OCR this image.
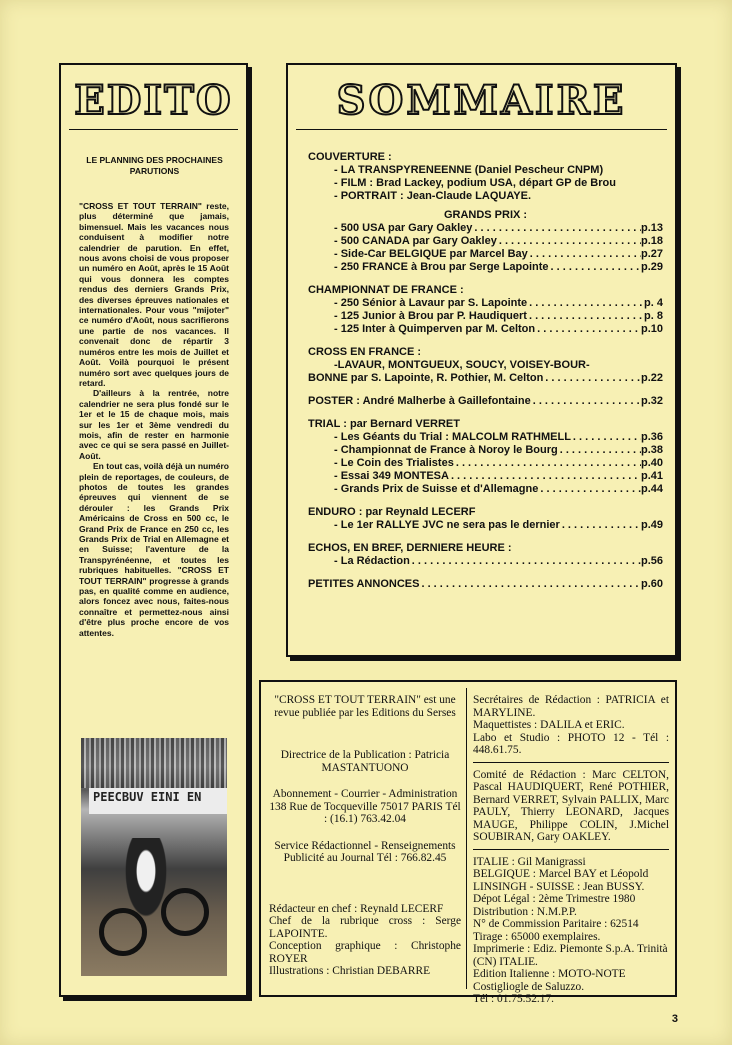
EDITO
LE PLANNING DES PROCHAINES PARUTIONS

"CROSS ET TOUT TERRAIN" reste, plus déterminé que jamais, bimensuel. Mais les vacances nous conduisent à modifier notre calendrier de parution. En effet, nous avons choisi de vous proposer un numéro en Août, après le 15 Août qui vous donnera les comptes rendus des derniers Grands Prix, des diverses épreuves nationales et internationales. Pour vous "mijoter" ce numéro d'Août, nous sacrifierons une partie de nos vacances. Il convenait donc de répartir 3 numéros entre les mois de Juillet et Août. Voilà pourquoi le présent numéro sort avec quelques jours de retard.

D'ailleurs à la rentrée, notre calendrier ne sera plus fondé sur le 1er et le 15 de chaque mois, mais sur les 1er et 3ème vendredi du mois, afin de rester en harmonie avec ce qui se sera passé en Juillet-Août.

En tout cas, voilà déjà un numéro plein de reportages, de couleurs, de photos de toutes les grandes épreuves qui viennent de se dérouler : les Grands Prix Américains de Cross en 500 cc, le Grand Prix de France en 250 cc, les Grands Prix de Trial en Allemagne et en Suisse; l'aventure de la Transpyrénéenne, et toutes les rubriques habituelles. "CROSS ET TOUT TERRAIN" progresse à grands pas, en qualité comme en audience, alors foncez avec nous, faites-nous connaître et permettez-nous ainsi d'être plus proche encore de vos attentes.

PEECBUV EINI EN
SOMMAIRE
COUVERTURE :
- LA TRANSPYRENEENNE (Daniel Pescheur CNPM)
- FILM : Brad Lackey, podium USA, départ GP de Brou
- PORTRAIT : Jean-Claude LAQUAYE.
GRANDS PRIX :
- 500 USA par Gary Oakley . . .	p.13
- 500 CANADA par Gary Oakley . . .	p.18
- Side-Car BELGIQUE par Marcel Bay . . .	p.27
- 250 FRANCE à Brou par Serge Lapointe . . .	p.29
CHAMPIONNAT DE FRANCE :
- 250 Sénior à Lavaur par S. Lapointe . . .	p. 4
- 125 Junior à Brou par P. Haudiquert . . .	p. 8
- 125 Inter à Quimperven par M. Celton . . .	p.10
CROSS EN FRANCE :
-LAVAUR, MONTGUEUX, SOUCY, VOISEY-BOUR-
BONNE par S. Lapointe, R. Pothier, M. Celton . . .	p.22
POSTER : André Malherbe à Gaillefontaine . . .	p.32
TRIAL : par Bernard VERRET
- Les Géants du Trial : MALCOLM RATHMELL . . .	p.36
- Championnat de France à Noroy le Bourg . . .	p.38
- Le Coin des Trialistes . . .	p.40
- Essai 349 MONTESA . . .	p.41
- Grands Prix de Suisse et d'Allemagne . . .	p.44
ENDURO : par Reynald LECERF
- Le 1er RALLYE JVC ne sera pas le dernier . . .	p.49
ECHOS, EN BREF, DERNIERE HEURE :
- La Rédaction . . .	p.56
PETITES ANNONCES . . .	p.60
"CROSS ET TOUT TERRAIN" est une revue publiée par les Editions du Serses
Directrice de la Publication : Patricia MASTANTUONO
Abonnement - Courrier - Administration 138 Rue de Tocqueville 75017 PARIS Tél : (16.1) 763.42.04
Service Rédactionnel - Renseignements Publicité au Journal Tél : 766.82.45
Rédacteur en chef : Reynald LECERF
Chef de la rubrique cross : Serge LAPOINTE.
Conception graphique : Christophe ROYER
Illustrations : Christian DEBARRE
Secrétaires de Rédaction : PATRICIA et MARYLINE.
Maquettistes : DALILA et ERIC.
Labo et Studio : PHOTO 12 - Tél : 448.61.75.
Comité de Rédaction : Marc CELTON, Pascal HAUDIQUERT, René POTHIER, Bernard VERRET, Sylvain PALLIX, Marc PAULY, Thierry LEONARD, Jacques MAUGE, Philippe COLIN, J.Michel SOUBIRAN, Gary OAKLEY.
ITALIE : Gil Manigrassi
BELGIQUE : Marcel BAY et Léopold LINSINGH - SUISSE : Jean BUSSY.
Dépot Légal : 2ème Trimestre 1980
Distribution : N.M.P.P.
N° de Commission Paritaire : 62514
Tirage : 65000 exemplaires.
Imprimerie : Ediz. Piemonte S.p.A. Trinità (CN) ITALIE.
Edition Italienne : MOTO-NOTE Costigliogle de Saluzzo.
Tél : 01.75.52.17.
3
